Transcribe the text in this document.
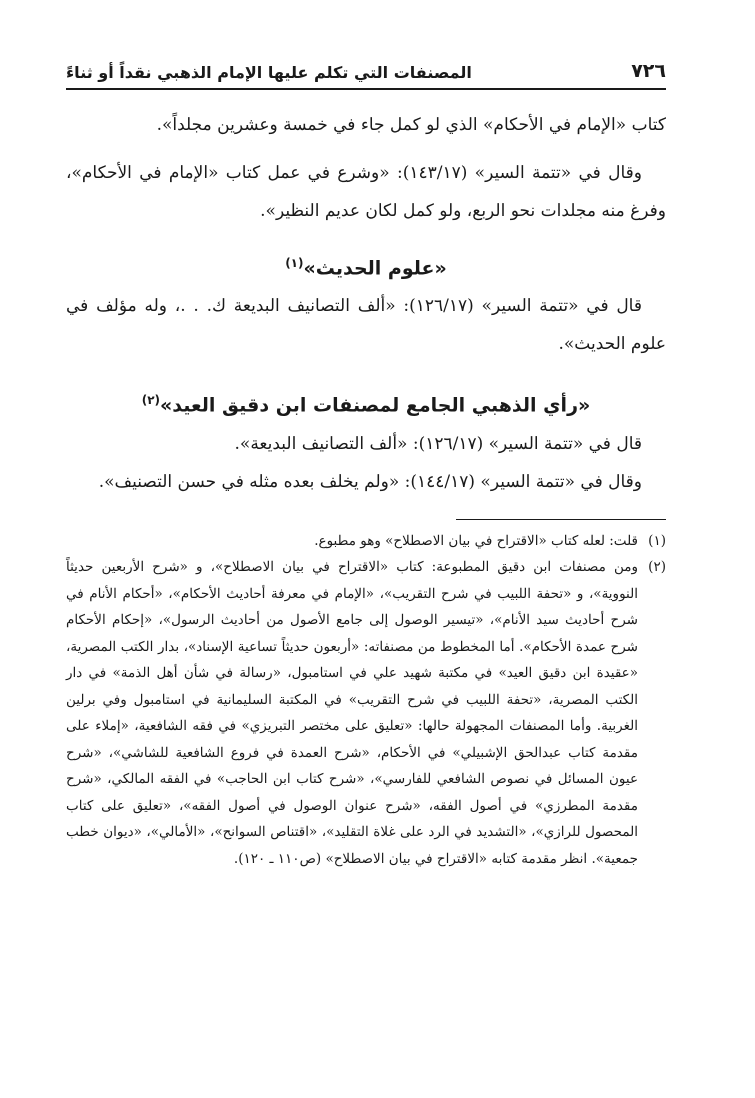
٧٢٦
المصنفات التي تكلم عليها الإمام الذهبي نقداً أو ثناءً

كتاب «الإمام في الأحكام» الذي لو كمل جاء في خمسة وعشرين مجلداً».

وقال في «تتمة السير» (١٤٣/١٧): «وشرع في عمل كتاب «الإمام في الأحكام»، وفرغ منه مجلدات نحو الربع، ولو كمل لكان عديم النظير».

«علوم الحديث»$^{(١)}$

قال في «تتمة السير» (١٢٦/١٧): «ألف التصانيف البديعة ك. . .، وله مؤلف في علوم الحديث».

«رأي الذهبي الجامع لمصنفات ابن دقيق العيد»$^{(٢)}$

قال في «تتمة السير» (١٢٦/١٧): «ألف التصانيف البديعة».

وقال في «تتمة السير» (١٤٤/١٧): «ولم يخلف بعده مثله في حسن التصنيف».

(١)
قلت: لعله كتاب «الاقتراح في بيان الاصطلاح» وهو مطبوع.
(٢)
ومن مصنفات ابن دقيق المطبوعة: كتاب «الاقتراح في بيان الاصطلاح»، و «شرح الأربعين حديثاً النووية»، و «تحفة اللبيب في شرح التقريب»، «الإمام في معرفة أحاديث الأحكام»، «أحكام الأنام في شرح أحاديث سيد الأنام»، «تيسير الوصول إلى جامع الأصول من أحاديث الرسول»، «إحكام الأحكام شرح عمدة الأحكام». أما المخطوط من مصنفاته: «أربعون حديثاً تساعية الإسناد»، بدار الكتب المصرية، «عقيدة ابن دقيق العيد» في مكتبة شهيد علي في استامبول، «رسالة في شأن أهل الذمة» في دار الكتب المصرية، «تحفة اللبيب في شرح التقريب» في المكتبة السليمانية في استامبول وفي برلين الغربية. وأما المصنفات المجهولة حالها: «تعليق على مختصر التبريزي» في فقه الشافعية، «إملاء على مقدمة كتاب عبدالحق الإشبيلي» في الأحكام، «شرح العمدة في فروع الشافعية للشاشي»، «شرح عيون المسائل في نصوص الشافعي للفارسي»، «شرح كتاب ابن الحاجب» في الفقه المالكي، «شرح مقدمة المطرزي» في أصول الفقه، «شرح عنوان الوصول في أصول الفقه»، «تعليق على كتاب المحصول للرازي»، «التشديد في الرد على غلاة التقليد»، «اقتناص السوانح»، «الأمالي»، «ديوان خطب جمعية». انظر مقدمة كتابه «الاقتراح في بيان الاصطلاح» (ص١١٠ ـ ١٢٠).
